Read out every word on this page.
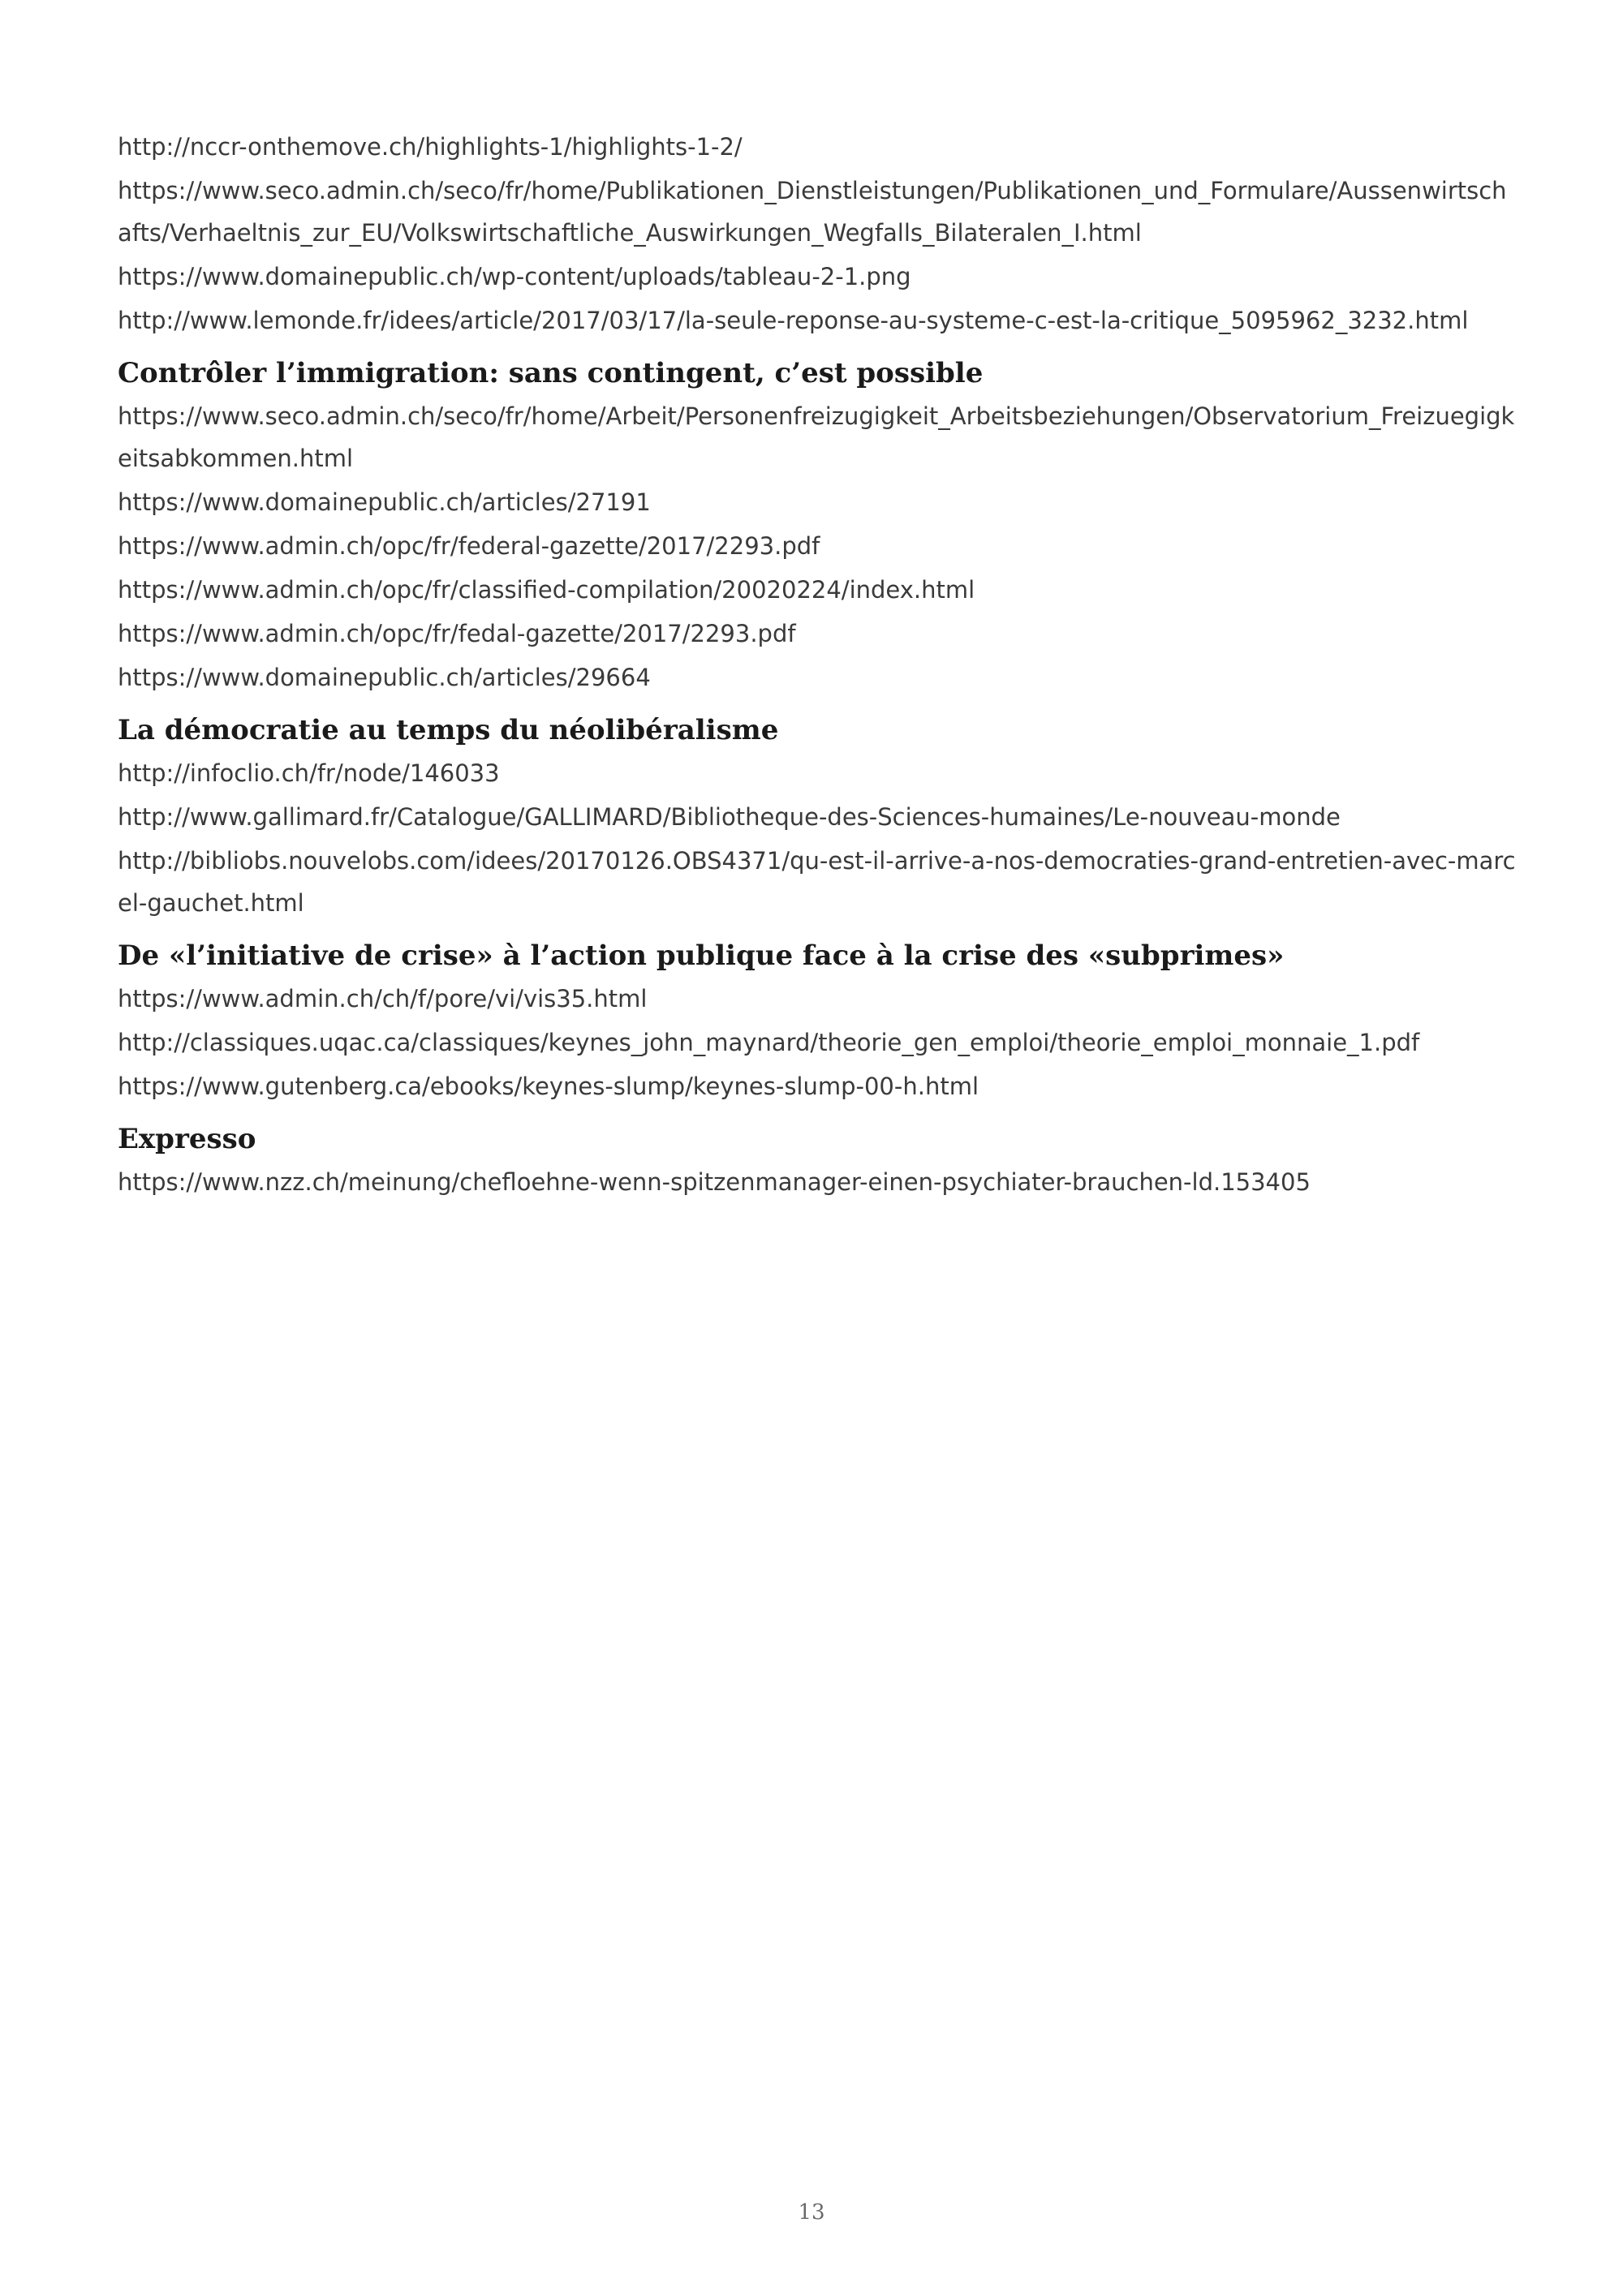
http://nccr-onthemove.ch/highlights-1/highlights-1-2/
https://www.seco.admin.ch/seco/fr/home/Publikationen_Dienstleistungen/Publikationen_und_Formulare/Aussenwirtschafts/Verhaeltnis_zur_EU/Volkswirtschaftliche_Auswirkungen_Wegfalls_Bilateralen_I.html
https://www.domainepublic.ch/wp-content/uploads/tableau-2-1.png
http://www.lemonde.fr/idees/article/2017/03/17/la-seule-reponse-au-systeme-c-est-la-critique_5095962_3232.html
Contrôler l’immigration: sans contingent, c’est possible
https://www.seco.admin.ch/seco/fr/home/Arbeit/Personenfreizugigkeit_Arbeitsbeziehungen/Observatorium_Freizuegigkeitsabkommen.html
https://www.domainepublic.ch/articles/27191
https://www.admin.ch/opc/fr/federal-gazette/2017/2293.pdf
https://www.admin.ch/opc/fr/classified-compilation/20020224/index.html
https://www.admin.ch/opc/fr/fedal-gazette/2017/2293.pdf
https://www.domainepublic.ch/articles/29664
La démocratie au temps du néolibéralisme
http://infoclio.ch/fr/node/146033
http://www.gallimard.fr/Catalogue/GALLIMARD/Bibliotheque-des-Sciences-humaines/Le-nouveau-monde
http://bibliobs.nouvelobs.com/idees/20170126.OBS4371/qu-est-il-arrive-a-nos-democraties-grand-entretien-avec-marcel-gauchet.html
De «l’initiative de crise» à l’action publique face à la crise des «subprimes»
https://www.admin.ch/ch/f/pore/vi/vis35.html
http://classiques.uqac.ca/classiques/keynes_john_maynard/theorie_gen_emploi/theorie_emploi_monnaie_1.pdf
https://www.gutenberg.ca/ebooks/keynes-slump/keynes-slump-00-h.html
Expresso
https://www.nzz.ch/meinung/chefloehne-wenn-spitzenmanager-einen-psychiater-brauchen-ld.153405
13
